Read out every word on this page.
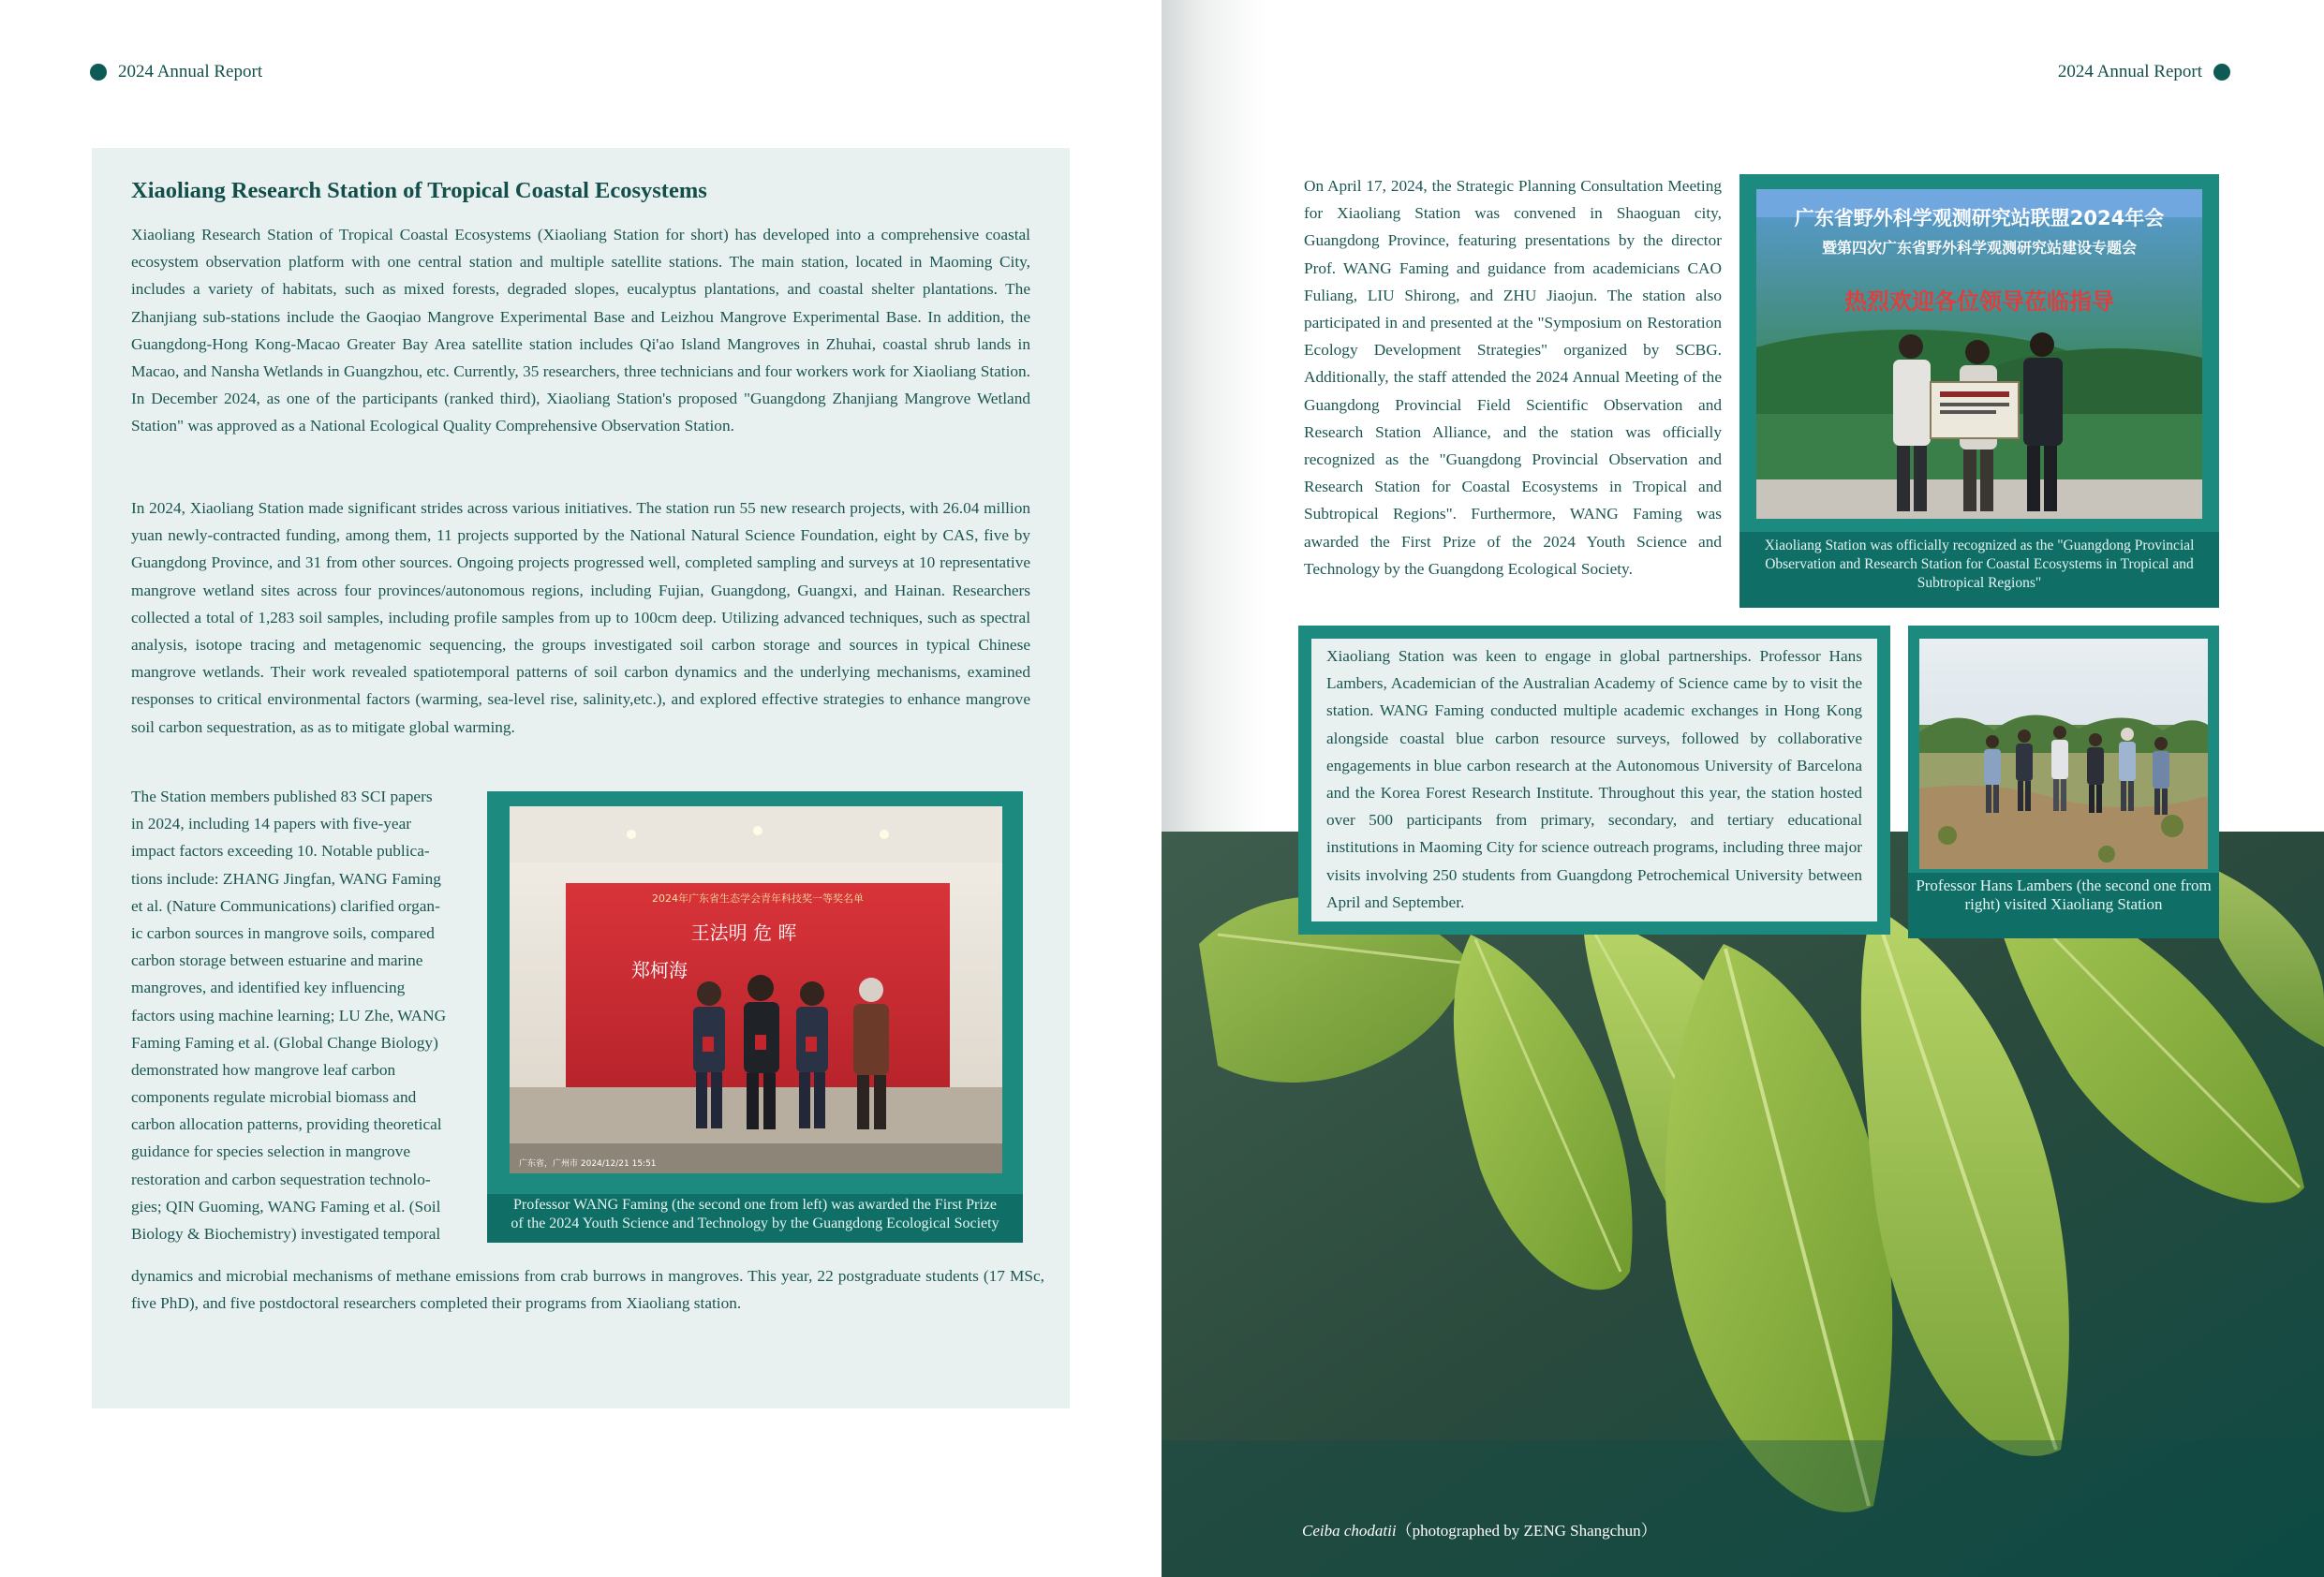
2024 Annual Report
Xiaoliang Research Station of Tropical Coastal Ecosystems

Xiaoliang Research Station of Tropical Coastal Ecosystems (Xiaoliang Station for short) has developed into a comprehensive coastal ecosystem observation platform with one central station and multiple satellite stations. The main station, located in Maoming City, includes a variety of habitats, such as mixed forests, degraded slopes, eucalyptus plantations, and coastal shelter plantations. The Zhanjiang sub-stations include the Gaoqiao Mangrove Experimental Base and Leizhou Mangrove Experimental Base. In addition, the Guangdong-Hong Kong-Macao Greater Bay Area satellite station includes Qi'ao Island Mangroves in Zhuhai, coastal shrub lands in Macao, and Nansha Wetlands in Guangzhou, etc. Currently, 35 researchers, three technicians and four workers work for Xiaoliang Station. In December 2024, as one of the participants (ranked third), Xiaoliang Station's proposed "Guangdong Zhanjiang Mangrove Wetland Station" was approved as a National Ecological Quality Comprehensive Observation Station.

In 2024, Xiaoliang Station made significant strides across various initiatives. The station run 55 new research projects, with 26.04 million yuan newly-contracted funding, among them, 11 projects supported by the National Natural Science Foundation, eight by CAS, five by Guangdong Province, and 31 from other sources. Ongoing projects progressed well, completed sampling and surveys at 10 representative mangrove wetland sites across four provinces/autonomous regions, including Fujian, Guangdong, Guangxi, and Hainan. Researchers collected a total of 1,283 soil samples, including profile samples from up to 100cm deep. Utilizing advanced techniques, such as spectral analysis, isotope tracing and metagenomic sequencing, the groups investigated soil carbon storage and sources in typical Chinese mangrove wetlands. Their work revealed spatiotemporal patterns of soil carbon dynamics and the underlying mechanisms, examined responses to critical environmental factors (warming, sea-level rise, salinity,etc.), and explored effective strategies to enhance mangrove soil carbon sequestration, as as to mitigate global warming.

The Station members published 83 SCI papers
in 2024, including 14 papers with five-year
impact factors exceeding 10. Notable publica-
tions include: ZHANG Jingfan, WANG Faming
et al. (Nature Communications) clarified organ-
ic carbon sources in mangrove soils, compared
carbon storage between estuarine and marine
mangroves, and identified key influencing
factors using machine learning; LU Zhe, WANG
Faming Faming et al. (Global Change Biology)
demonstrated how mangrove leaf carbon
components regulate microbial biomass and
carbon allocation patterns, providing theoretical
guidance for species selection in mangrove
restoration and carbon sequestration technolo-
gies; QIN Guoming, WANG Faming et al. (Soil
Biology & Biochemistry) investigated temporal
2024年广东省生态学会青年科技奖一等奖名单
王法明 危 晖
郑柯海
广东省，广州市 2024/12/21 15:51
Professor WANG Faming (the second one from left) was awarded the First Prize
of the 2024 Youth Science and Technology by the Guangdong Ecological Society

dynamics and microbial mechanisms of methane emissions from crab burrows in mangroves. This year, 22 postgraduate students (17 MSc, five PhD), and five postdoctoral researchers completed their programs from Xiaoliang station.

2024 Annual Report

On April 17, 2024, the Strategic Planning Consultation Meeting for Xiaoliang Station was convened in Shaoguan city, Guangdong Province, featuring presentations by the director Prof. WANG Faming and guidance from academicians CAO Fuliang, LIU Shirong, and ZHU Jiaojun. The station also participated in and presented at the "Symposium on Restoration Ecology Development Strategies" organized by SCBG. Additionally, the staff attended the 2024 Annual Meeting of the Guangdong Provincial Field Scientific Observation and Research Station Alliance, and the station was officially recognized as the "Guangdong Provincial Observation and Research Station for Coastal Ecosystems in Tropical and Subtropical Regions". Furthermore, WANG Faming was awarded the First Prize of the 2024 Youth Science and Technology by the Guangdong Ecological Society.

广东省野外科学观测研究站联盟2024年会
暨第四次广东省野外科学观测研究站建设专题会
热烈欢迎各位领导莅临指导
Xiaoliang Station was officially recognized as the "Guangdong Provincial Observation and Research Station for Coastal Ecosystems in Tropical and Subtropical Regions"

Xiaoliang Station was keen to engage in global partnerships. Professor Hans Lambers, Academician of the Australian Academy of Science came by to visit the station. WANG Faming conducted multiple academic exchanges in Hong Kong alongside coastal blue carbon resource surveys, followed by collaborative engagements in blue carbon research at the Autonomous University of Barcelona and the Korea Forest Research Institute. Throughout this year, the station hosted over 500 participants from primary, secondary, and tertiary educational institutions in Maoming City for science outreach programs, including three major visits involving 250 students from Guangdong Petrochemical University between April and September.

Professor Hans Lambers (the second one from right) visited Xiaoliang Station
Ceiba chodatii（photographed by ZENG Shangchun）
